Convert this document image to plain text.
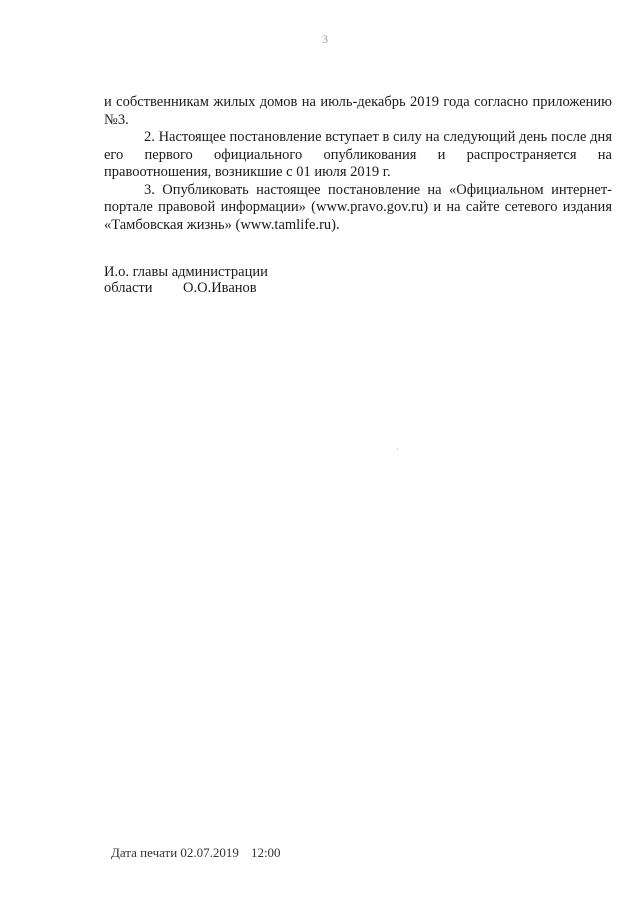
3

и собственникам жилых домов на июль-декабрь 2019 года согласно приложению №3.

2. Настоящее постановление вступает в силу на следующий день после дня его первого официального опубликования и распространяется на правоотношения, возникшие с 01 июля 2019 г.

3. Опубликовать настоящее постановление на «Официальном интернет-портале правовой информации» (www.pravo.gov.ru) и на сайте сетевого издания «Тамбовская жизнь» (www.tamlife.ru).

И.о. главы администрации
области	О.О.Иванов
Дата печати 02.07.2019 12:00
